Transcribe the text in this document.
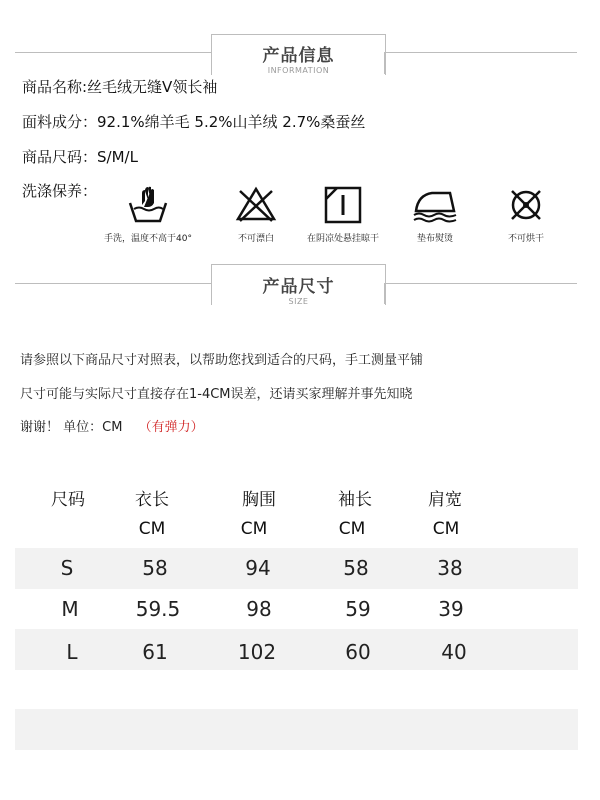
产品信息
INFORMATION
商品名称:丝毛绒无缝V领长袖
面料成分：92.1%绵羊毛 5.2%山羊绒 2.7%桑蚕丝
商品尺码：S/M/L
洗涤保养：
手洗，温度不高于40°	不可漂白	在阴凉处悬挂晾干	垫布熨烫	不可烘干
产品尺寸
SIZE
请参照以下商品尺寸对照表，以帮助您找到适合的尺码，手工测量平铺
尺寸可能与实际尺寸直接存在1-4CM误差，还请买家理解并事先知晓
谢谢！ 单位：CM （有弹力）
尺码	衣长	胸围	袖长	肩宽
CM	CM	CM	CM
S	58	94	58	38
M	59.5	98	59	39
L	61	102	60	40
